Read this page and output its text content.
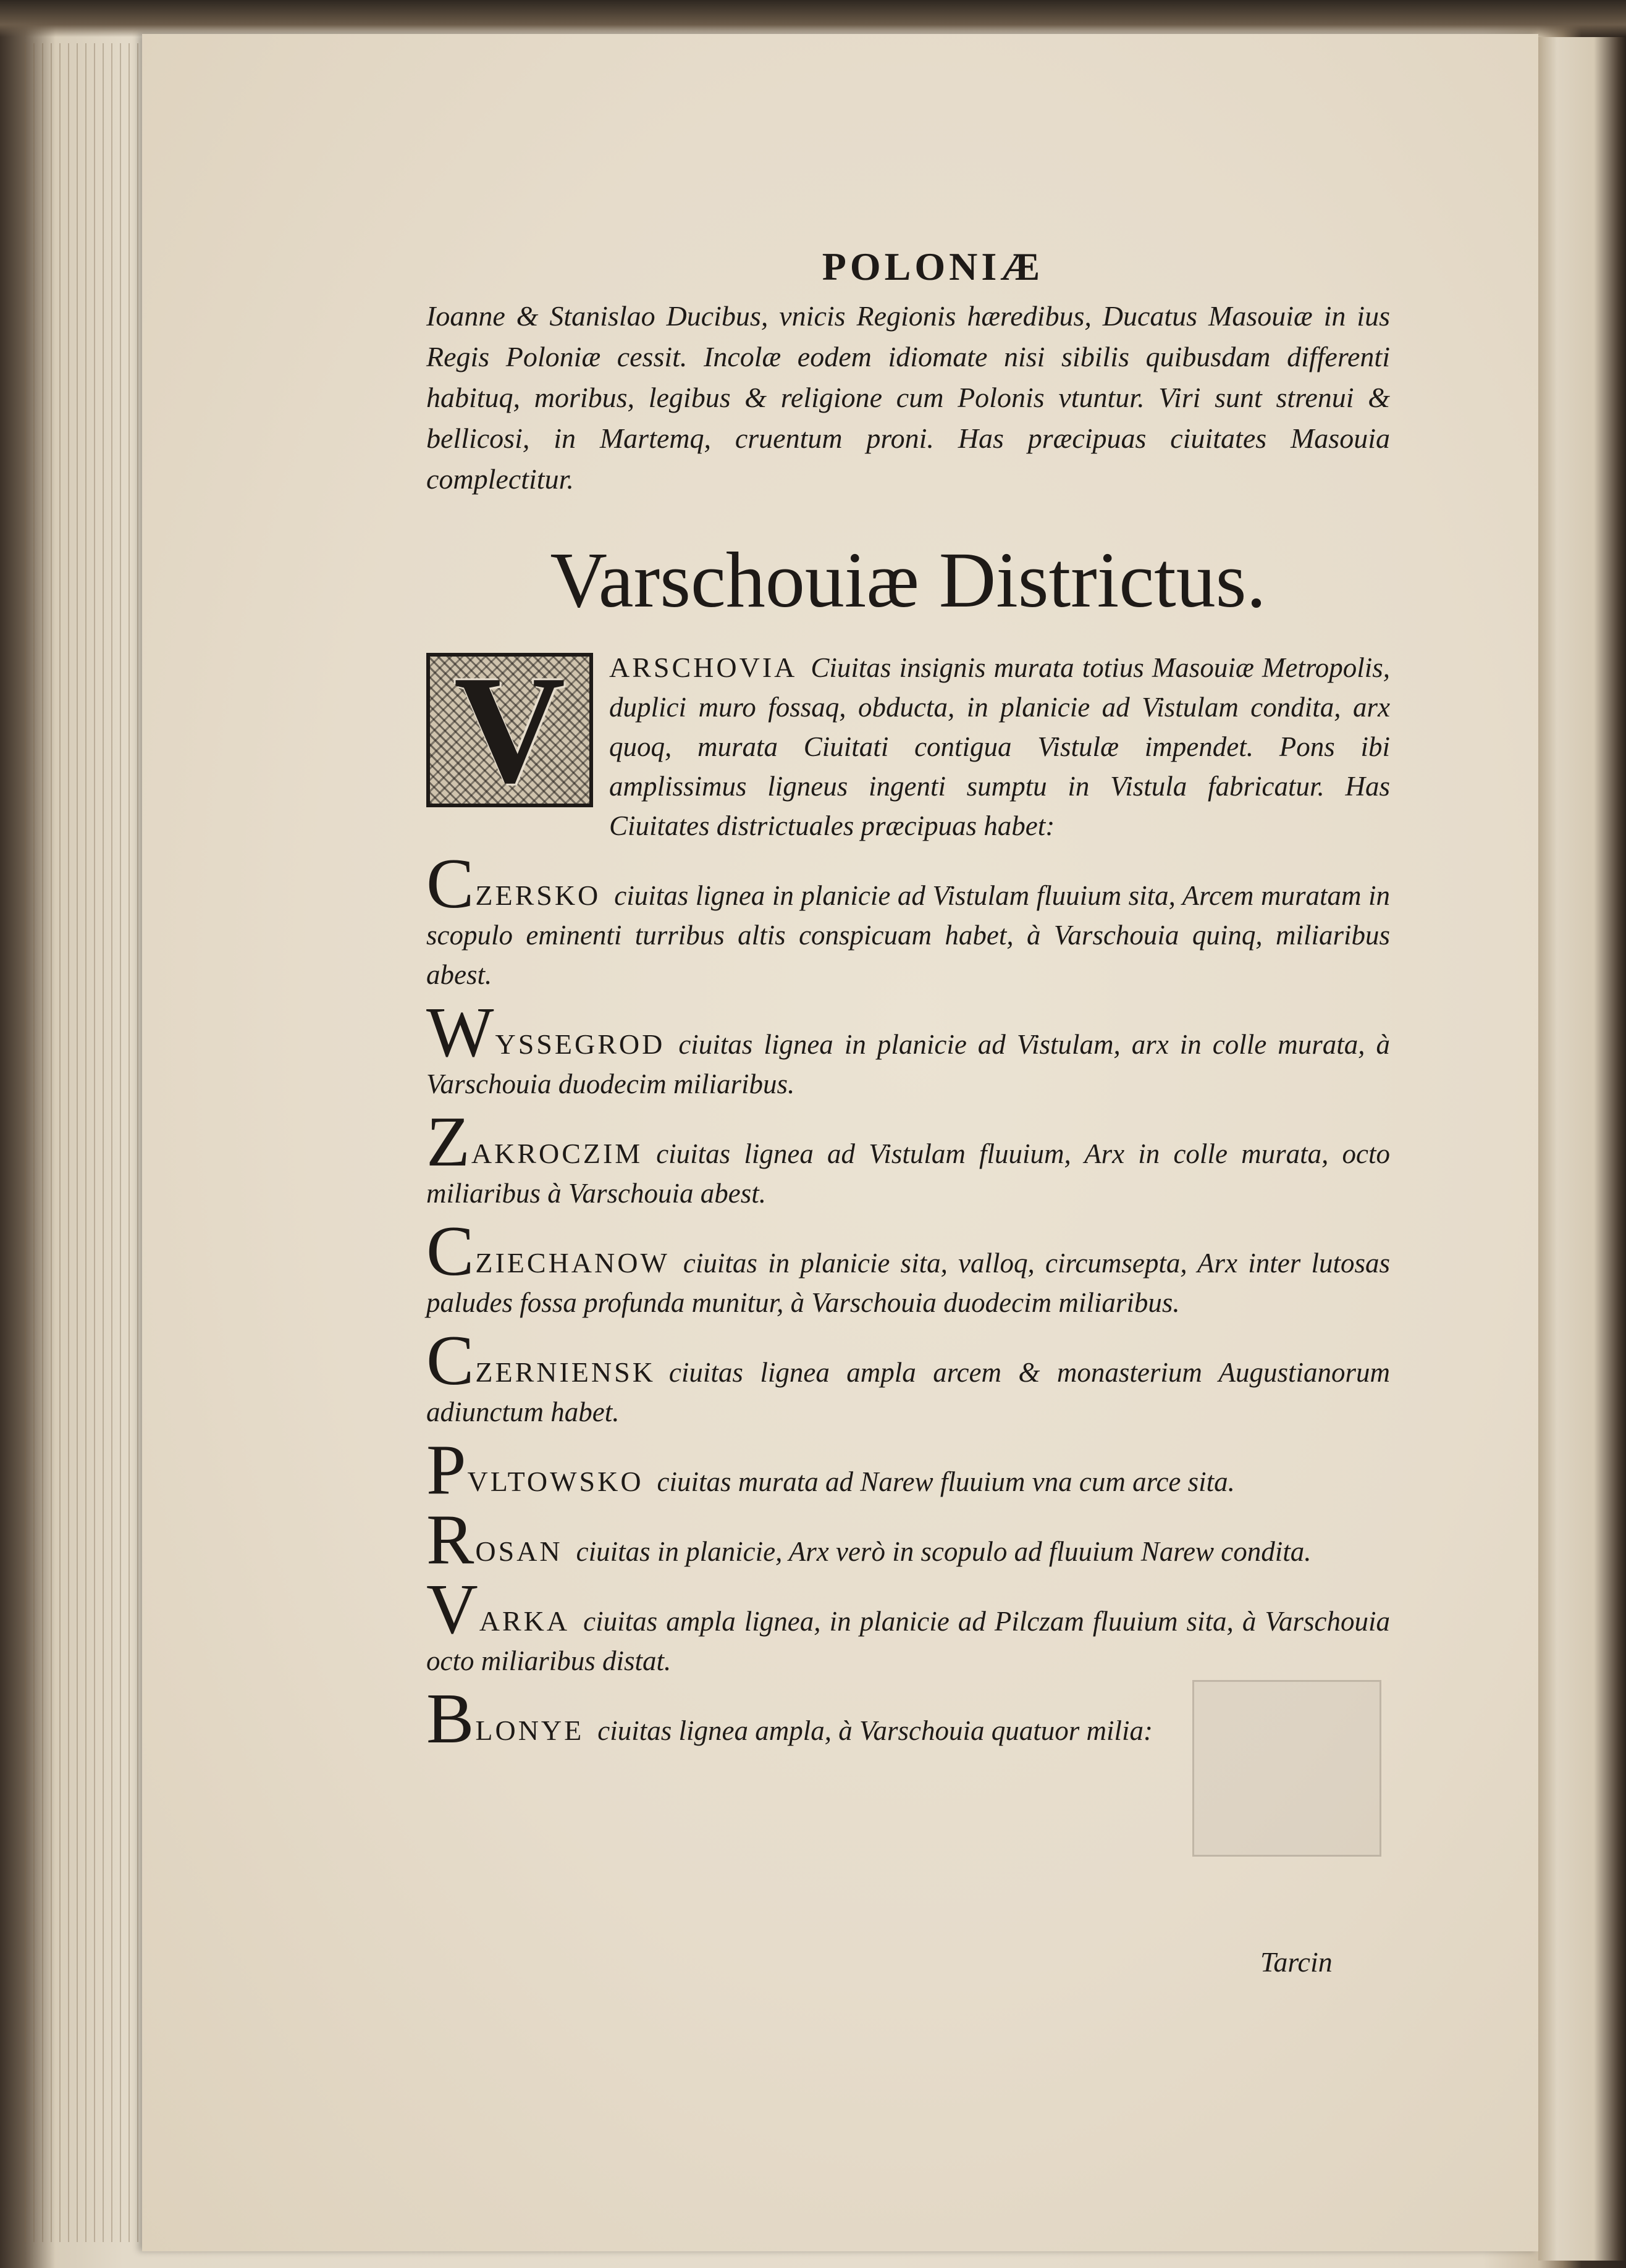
POLONIÆ

Ioanne & Stanislao Ducibus, vnicis Regionis hæredibus, Ducatus Masouiæ in ius Regis Poloniæ cessit. Incolæ eodem idiomate nisi sibilis quibusdam differenti habituq, moribus, legibus & religione cum Polonis vtuntur. Viri sunt strenui & bellicosi, in Martemq, cruentum proni. Has præcipuas ciuitates Masouia complectitur.

Varschouiæ Districtus.

V	ARSCHOVIA Ciuitas insignis murata totius Masouiæ Metropolis, duplici muro fossaq, obducta, in planicie ad Vistulam condita, arx quoq, murata Ciuitati contigua Vistulæ impendet. Pons ibi amplissimus ligneus ingenti sumptu in Vistula fabricatur. Has Ciuitates districtuales præcipuas habet:

CZERSKO ciuitas lignea in planicie ad Vistulam fluuium sita, Arcem muratam in scopulo eminenti turribus altis conspicuam habet, à Varschouia quinq, miliaribus abest.

WYSSEGROD ciuitas lignea in planicie ad Vistulam, arx in colle murata, à Varschouia duodecim miliaribus.

ZAKROCZIM ciuitas lignea ad Vistulam fluuium, Arx in colle murata, octo miliaribus à Varschouia abest.

CZIECHANOW ciuitas in planicie sita, valloq, circumsepta, Arx inter lutosas paludes fossa profunda munitur, à Varschouia duodecim miliaribus.

CZERNIENSK ciuitas lignea ampla arcem & monasterium Augustianorum adiunctum habet.

PVLTOWSKO ciuitas murata ad Narew fluuium vna cum arce sita.

ROSAN ciuitas in planicie, Arx verò in scopulo ad fluuium Narew condita.

VARKA ciuitas ampla lignea, in planicie ad Pilczam fluuium sita, à Varschouia octo miliaribus distat.

BLONYE ciuitas lignea ampla, à Varschouia quatuor milia:

Tarcin
